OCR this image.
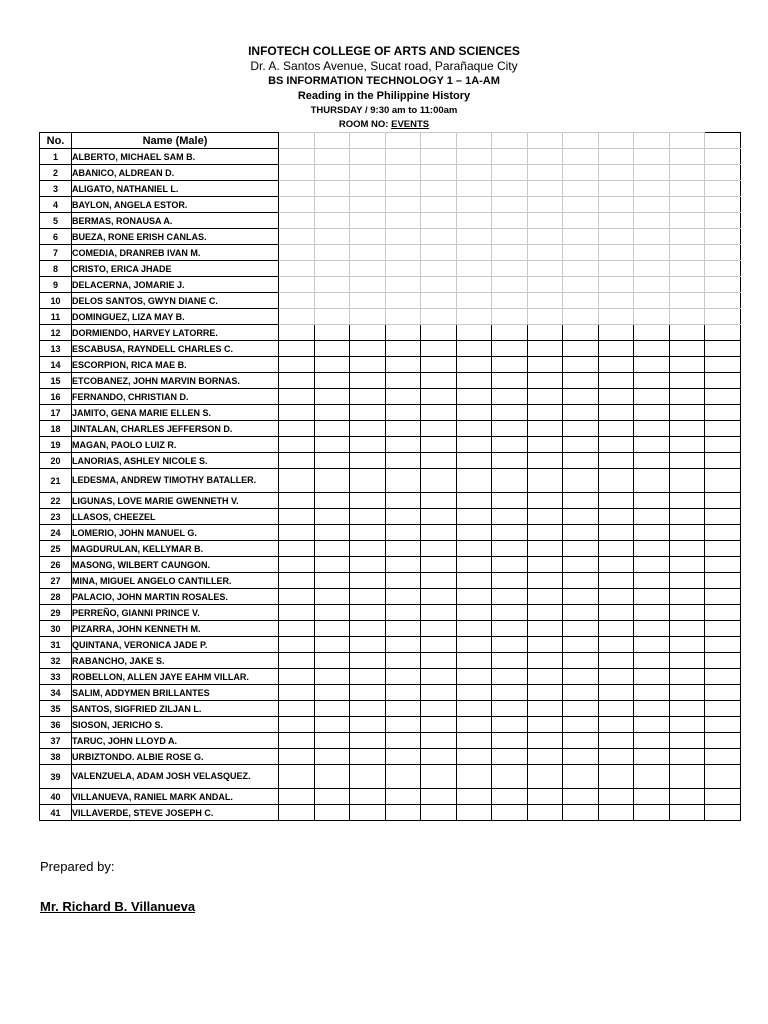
INFOTECH COLLEGE OF ARTS AND SCIENCES
Dr. A. Santos Avenue, Sucat road, Parañaque City
BS INFORMATION TECHNOLOGY 1 – 1A-AM
Reading in the Philippine History
THURSDAY / 9:30 am to 11:00am
ROOM NO: EVENTS
No.	Name (Male)													
1	ALBERTO, MICHAEL SAM B.													
2	ABANICO, ALDREAN D.													
3	ALIGATO, NATHANIEL L.													
4	BAYLON, ANGELA ESTOR.													
5	BERMAS, RONAUSA A.													
6	BUEZA, RONE ERISH CANLAS.													
7	COMEDIA, DRANREB IVAN M.													
8	CRISTO, ERICA JHADE													
9	DELACERNA, JOMARIE J.													
10	DELOS SANTOS, GWYN DIANE C.													
11	DOMINGUEZ, LIZA MAY B.													
12	DORMIENDO, HARVEY LATORRE.													
13	ESCABUSA, RAYNDELL CHARLES C.													
14	ESCORPION, RICA MAE B.													
15	ETCOBANEZ, JOHN MARVIN BORNAS.													
16	FERNANDO, CHRISTIAN D.													
17	JAMITO, GENA MARIE ELLEN S.													
18	JINTALAN, CHARLES JEFFERSON D.													
19	MAGAN, PAOLO LUIZ R.													
20	LANORIAS, ASHLEY NICOLE S.													
21	LEDESMA, ANDREW TIMOTHY BATALLER.													
22	LIGUNAS, LOVE MARIE GWENNETH V.													
23	LLASOS, CHEEZEL													
24	LOMERIO, JOHN MANUEL G.													
25	MAGDURULAN, KELLYMAR B.													
26	MASONG, WILBERT CAUNGON.													
27	MINA, MIGUEL ANGELO CANTILLER.													
28	PALACIO, JOHN MARTIN ROSALES.													
29	PERREÑO, GIANNI PRINCE V.													
30	PIZARRA, JOHN KENNETH M.													
31	QUINTANA, VERONICA JADE P.													
32	RABANCHO, JAKE S.													
33	ROBELLON, ALLEN JAYE EAHM VILLAR.													
34	SALIM, ADDYMEN BRILLANTES													
35	SANTOS, SIGFRIED ZILJAN L.													
36	SIOSON, JERICHO S.													
37	TARUC, JOHN LLOYD A.													
38	URBIZTONDO. ALBIE ROSE G.													
39	VALENZUELA, ADAM JOSH VELASQUEZ.													
40	VILLANUEVA, RANIEL MARK ANDAL.													
41	VILLAVERDE, STEVE JOSEPH C.													
Prepared by:
Mr. Richard B. Villanueva
